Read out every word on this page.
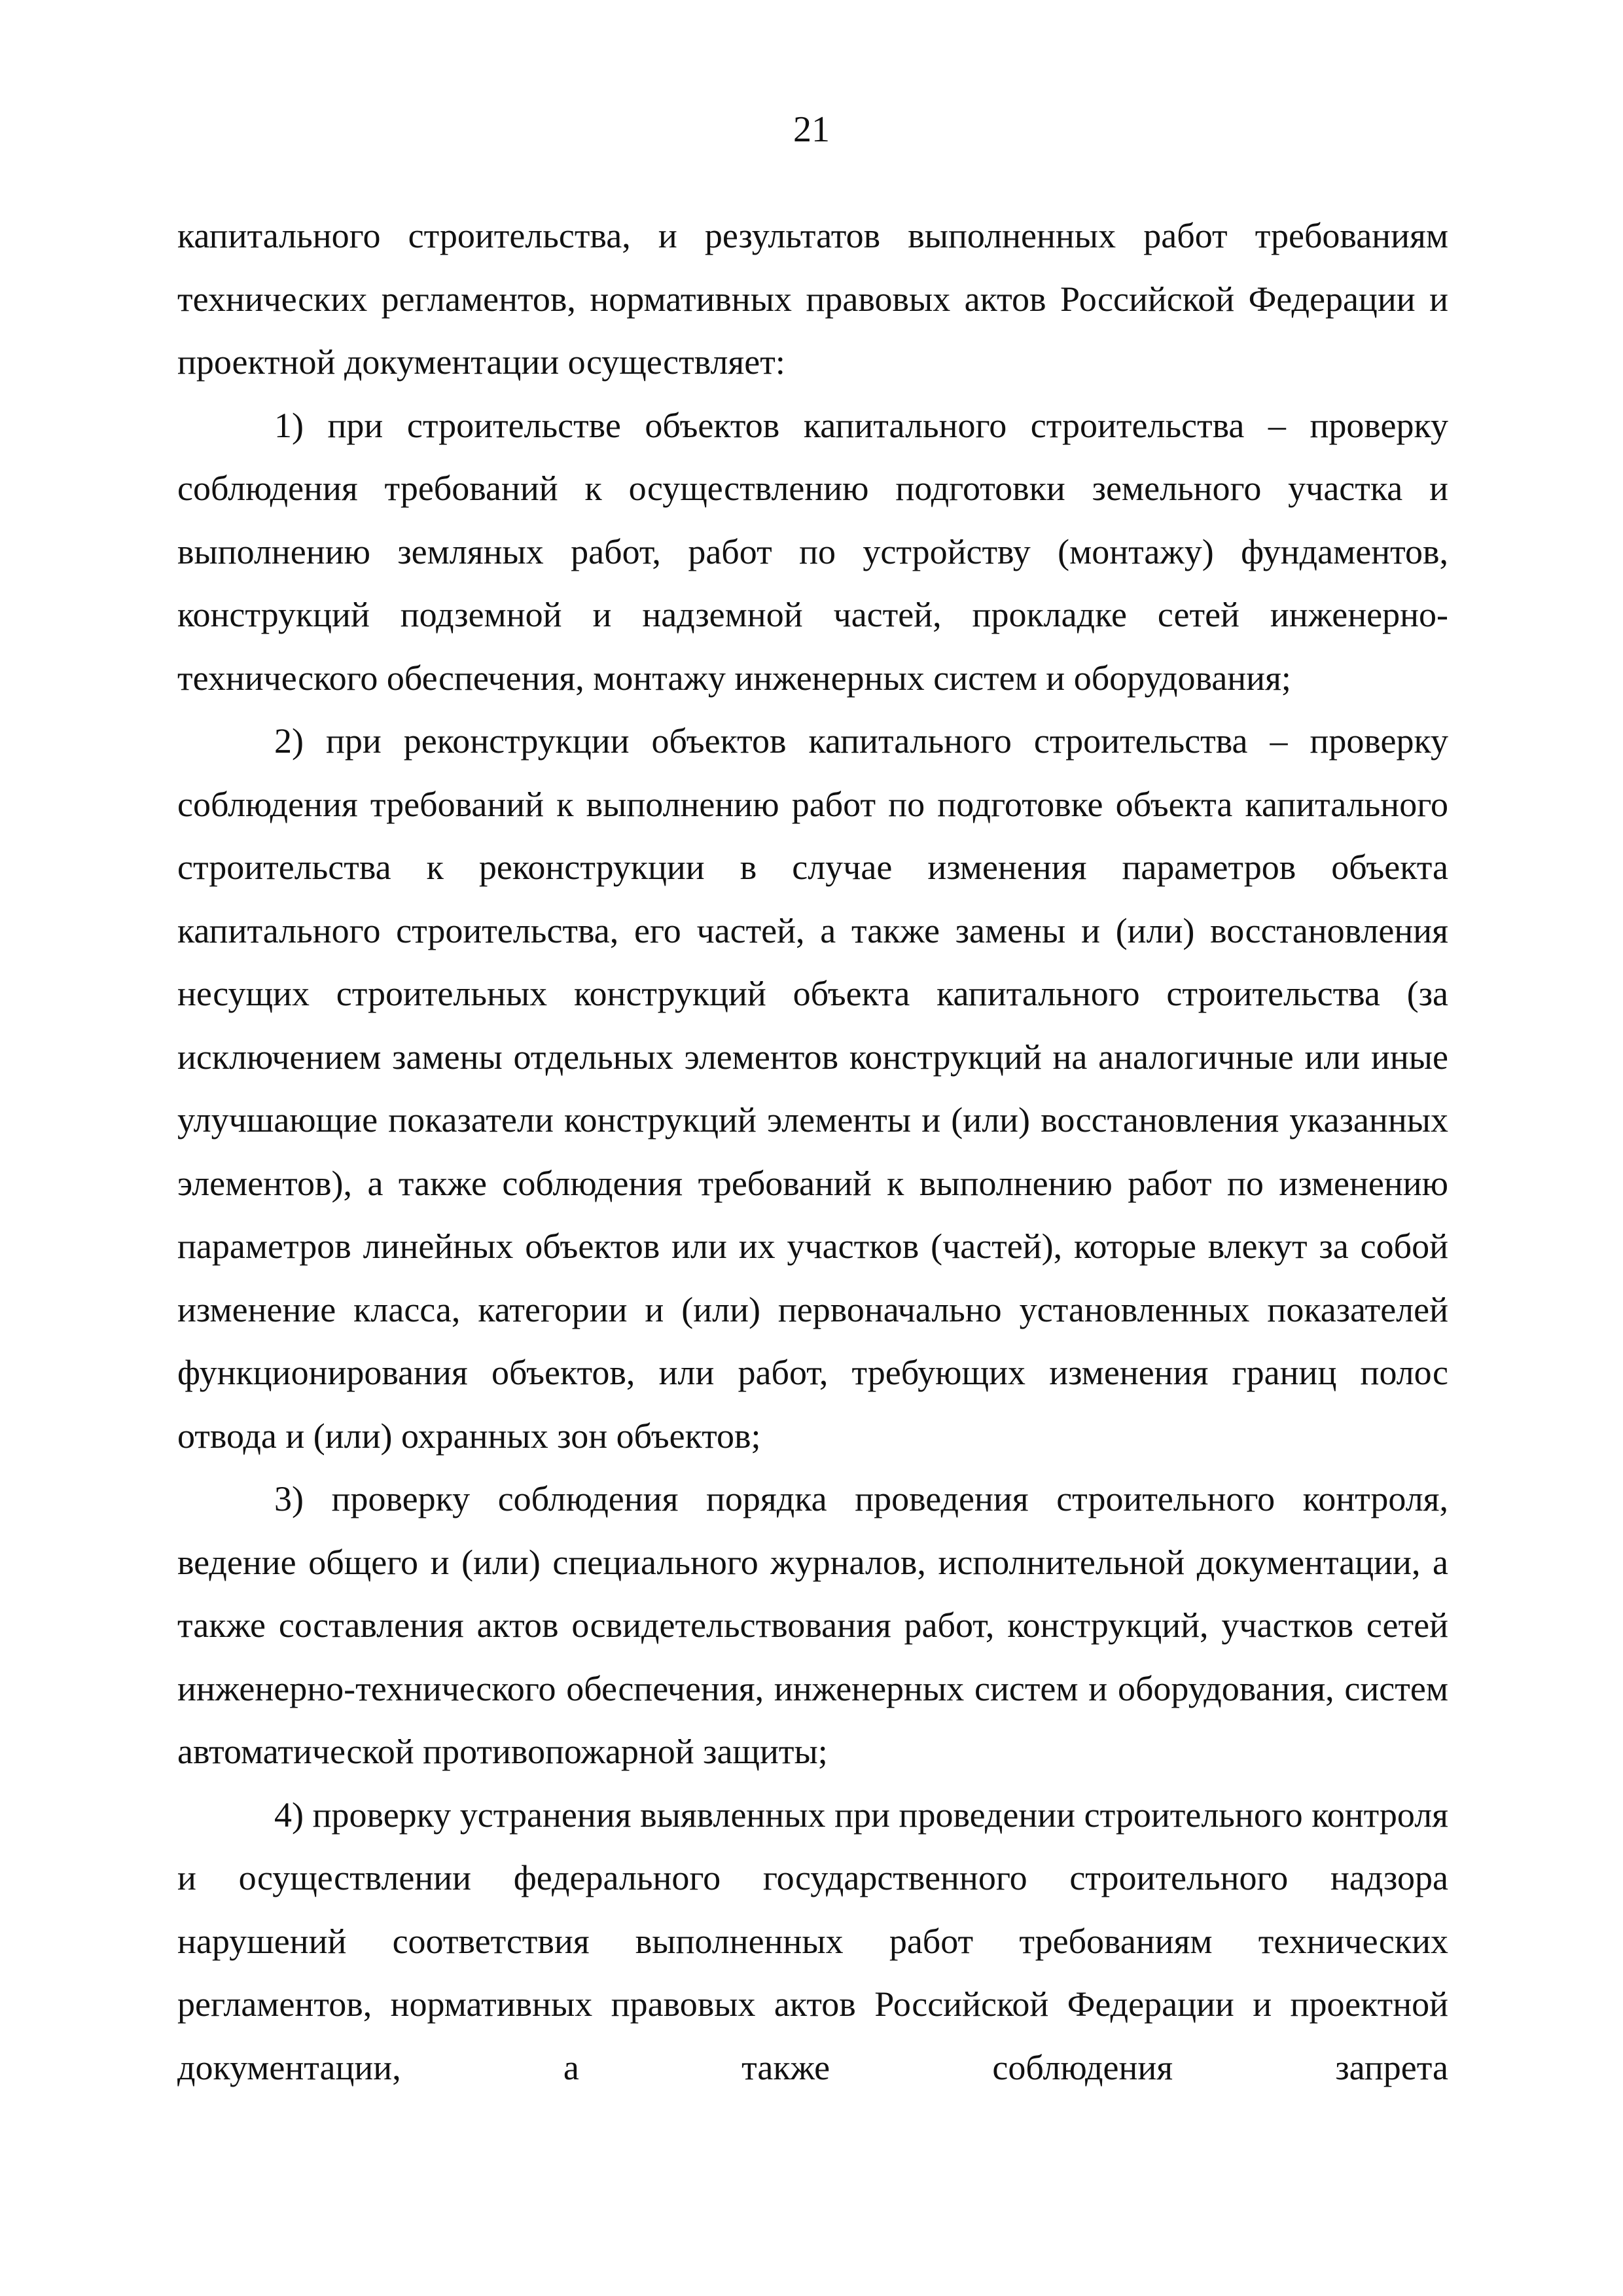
21

капитального строительства, и результатов выполненных работ требованиям технических регламентов, нормативных правовых актов Российской Федерации и проектной документации осуществляет:

1) при строительстве объектов капитального строительства – проверку соблюдения требований к осуществлению подготовки земельного участка и выполнению земляных работ, работ по устройству (монтажу) фундаментов, конструкций подземной и надземной частей, прокладке сетей инженерно-технического обеспечения, монтажу инженерных систем и оборудования;

2) при реконструкции объектов капитального строительства – проверку соблюдения требований к выполнению работ по подготовке объекта капитального строительства к реконструкции в случае изменения параметров объекта капитального строительства, его частей, а также замены и (или) восстановления несущих строительных конструкций объекта капитального строительства (за исключением замены отдельных элементов конструкций на аналогичные или иные улучшающие показатели конструкций элементы и (или) восстановления указанных элементов), а также соблюдения требований к выполнению работ по изменению параметров линейных объектов или их участков (частей), которые влекут за собой изменение класса, категории и (или) первоначально установленных показателей функционирования объектов, или работ, требующих изменения границ полос отвода и (или) охранных зон объектов;

3) проверку соблюдения порядка проведения строительного контроля, ведение общего и (или) специального журналов, исполнительной документации, а также составления актов освидетельствования работ, конструкций, участков сетей инженерно-технического обеспечения, инженерных систем и оборудования, систем автоматической противопожарной защиты;

4) проверку устранения выявленных при проведении строительного контроля и осуществлении федерального государственного строительного надзора нарушений соответствия выполненных работ требованиям технических регламентов, нормативных правовых актов Российской Федерации и проектной документации, а также соблюдения запрета
